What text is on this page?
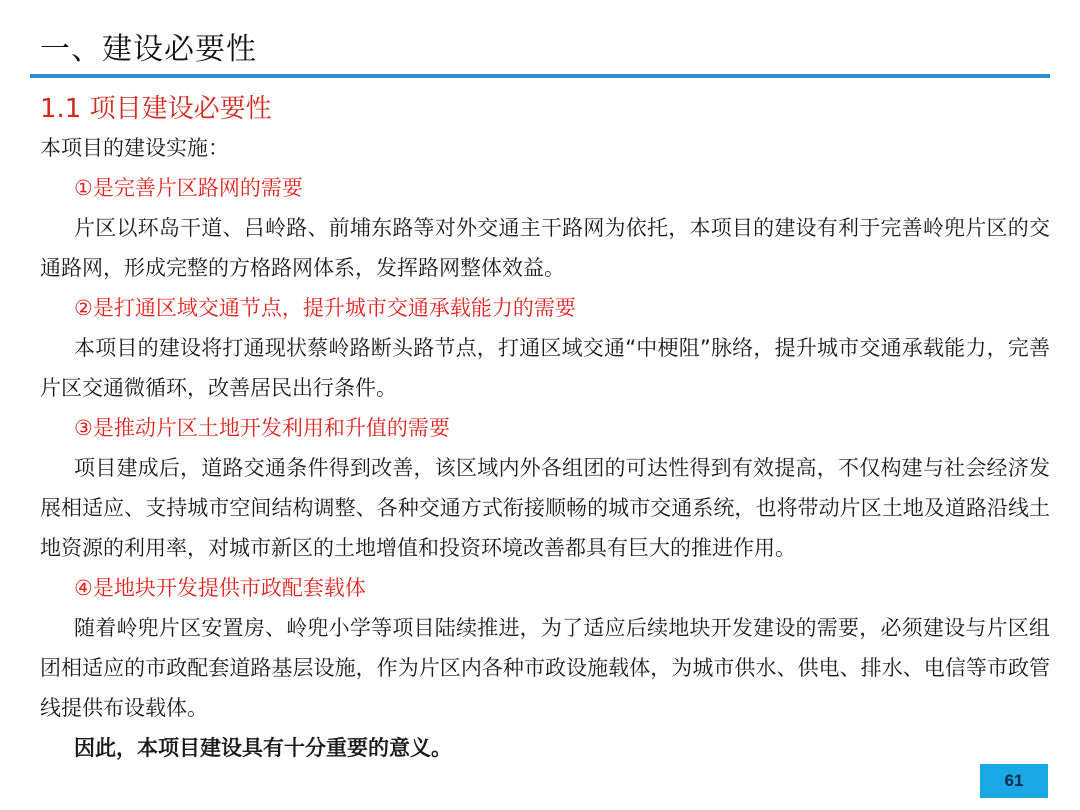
一、建设必要性

1.1 项目建设必要性

本项目的建设实施：

①是完善片区路网的需要

片区以环岛干道、吕岭路、前埔东路等对外交通主干路网为依托，本项目的建设有利于完善岭兜片区的交通路网，形成完整的方格路网体系，发挥路网整体效益。

②是打通区域交通节点，提升城市交通承载能力的需要

本项目的建设将打通现状蔡岭路断头路节点，打通区域交通“中梗阻”脉络，提升城市交通承载能力，完善片区交通微循环，改善居民出行条件。

③是推动片区土地开发利用和升值的需要

项目建成后，道路交通条件得到改善，该区域内外各组团的可达性得到有效提高，不仅构建与社会经济发展相适应、支持城市空间结构调整、各种交通方式衔接顺畅的城市交通系统，也将带动片区土地及道路沿线土地资源的利用率，对城市新区的土地增值和投资环境改善都具有巨大的推进作用。

④是地块开发提供市政配套载体

随着岭兜片区安置房、岭兜小学等项目陆续推进，为了适应后续地块开发建设的需要，必须建设与片区组团相适应的市政配套道路基层设施，作为片区内各种市政设施载体，为城市供水、供电、排水、电信等市政管线提供布设载体。

因此，本项目建设具有十分重要的意义。

61
